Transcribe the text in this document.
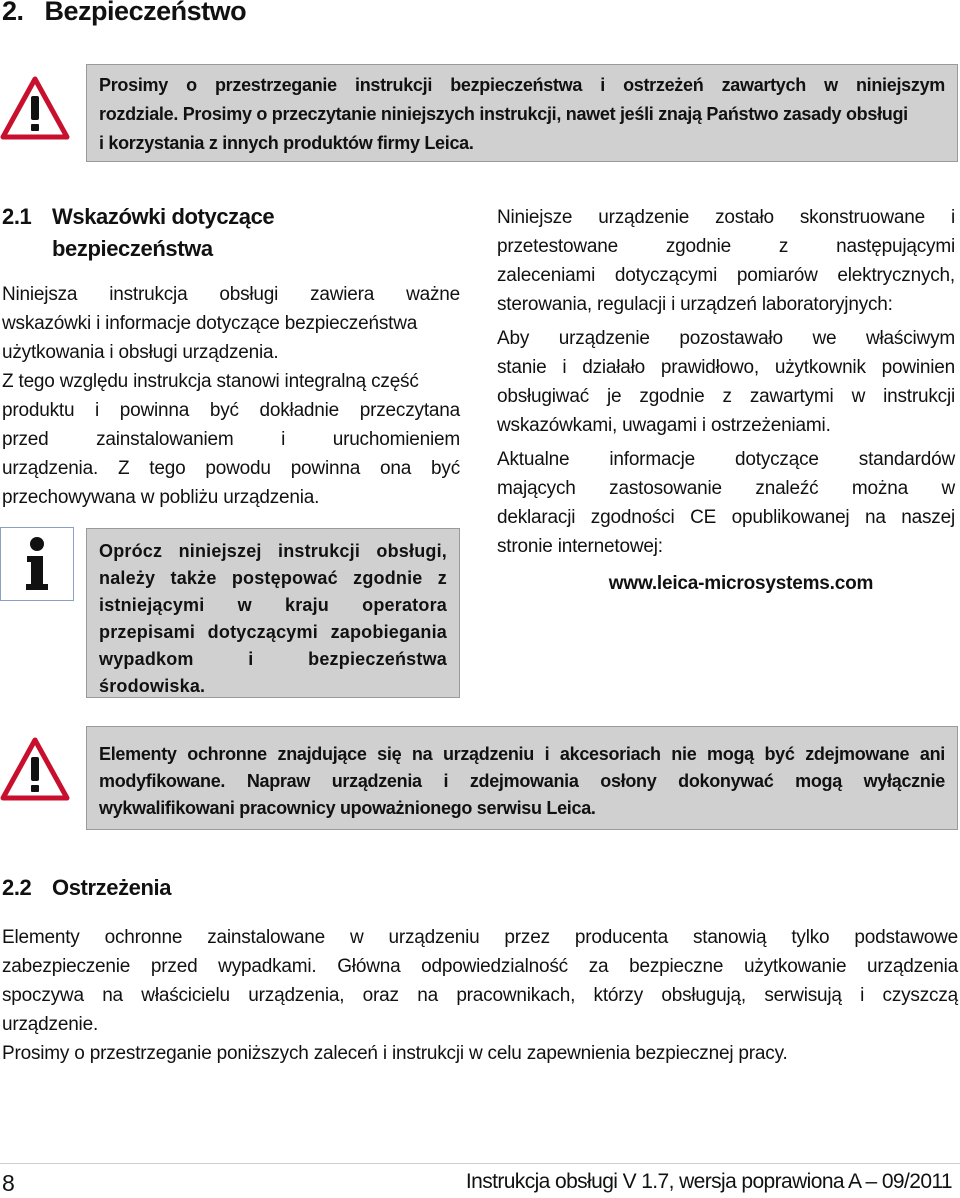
2. Bezpieczeństwo

Prosimy o przestrzeganie instrukcji bezpieczeństwa i ostrzeżeń zawartych w niniejszym

rozdziale. Prosimy o przeczytanie niniejszych instrukcji, nawet jeśli znają Państwo zasady obsługi

i korzystania z innych produktów firmy Leica.

2.1 Wskazówki dotyczące
bezpieczeństwa

Niniejsza instrukcja obsługi zawiera ważne

wskazówki i informacje dotyczące bezpieczeństwa

użytkowania i obsługi urządzenia.

Z tego względu instrukcja stanowi integralną część

produktu i powinna być dokładnie przeczytana

przed zainstalowaniem i uruchomieniem

urządzenia. Z tego powodu powinna ona być

przechowywana w pobliżu urządzenia.

Oprócz niniejszej instrukcji obsługi,
należy także postępować zgodnie z
istniejącymi w kraju operatora
przepisami dotyczącymi zapobiegania
wypadkom i bezpieczeństwa
środowiska.

Niniejsze urządzenie zostało skonstruowane i
przetestowane zgodnie z następującymi
zaleceniami dotyczącymi pomiarów elektrycznych,
sterowania, regulacji i urządzeń laboratoryjnych:

Aby urządzenie pozostawało we właściwym
stanie i działało prawidłowo, użytkownik powinien
obsługiwać je zgodnie z zawartymi w instrukcji
wskazówkami, uwagami i ostrzeżeniami.

Aktualne informacje dotyczące standardów
mających zastosowanie znaleźć można w
deklaracji zgodności CE opublikowanej na naszej
stronie internetowej:

www.leica-microsystems.com

Elementy ochronne znajdujące się na urządzeniu i akcesoriach nie mogą być zdejmowane ani

modyfikowane. Napraw urządzenia i zdejmowania osłony dokonywać mogą wyłącznie

wykwalifikowani pracownicy upoważnionego serwisu Leica.

2.2 Ostrzeżenia

Elementy ochronne zainstalowane w urządzeniu przez producenta stanowią tylko podstawowe

zabezpieczenie przed wypadkami. Główna odpowiedzialność za bezpieczne użytkowanie urządzenia

spoczywa na właścicielu urządzenia, oraz na pracownikach, którzy obsługują, serwisują i czyszczą

urządzenie.

Prosimy o przestrzeganie poniższych zaleceń i instrukcji w celu zapewnienia bezpiecznej pracy.

8	Instrukcja obsługi V 1.7, wersja poprawiona A – 09/2011
